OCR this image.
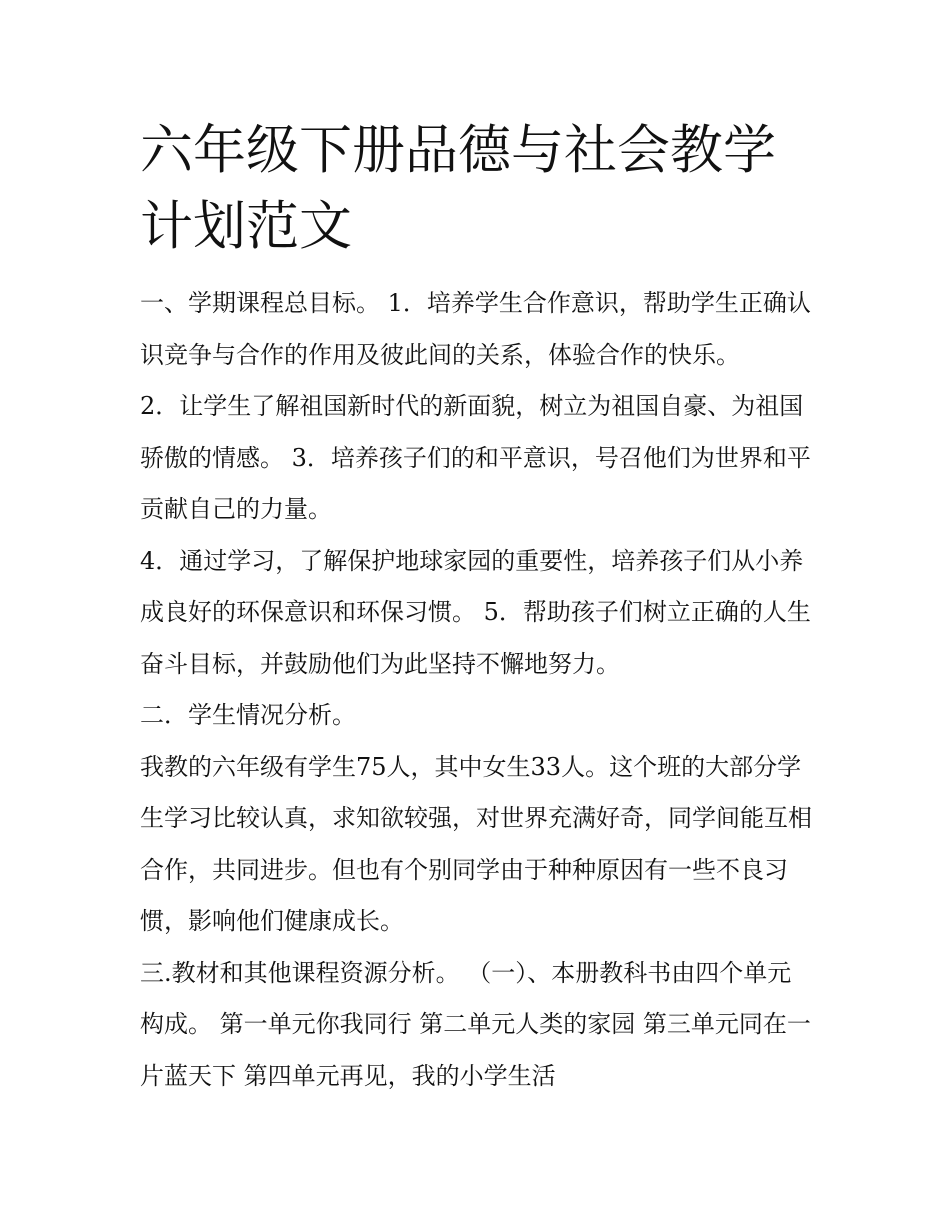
六年级下册品德与社会教学计划范文

一、学期课程总目标。 1．培养学生合作意识，帮助学生正确认识竞争与合作的作用及彼此间的关系，体验合作的快乐。

2．让学生了解祖国新时代的新面貌，树立为祖国自豪、为祖国骄傲的情感。 3．培养孩子们的和平意识，号召他们为世界和平贡献自己的力量。

4．通过学习，了解保护地球家园的重要性，培养孩子们从小养成良好的环保意识和环保习惯。 5．帮助孩子们树立正确的人生奋斗目标，并鼓励他们为此坚持不懈地努力。

二．学生情况分析。

我教的六年级有学生75人，其中女生33人。这个班的大部分学生学习比较认真，求知欲较强，对世界充满好奇，同学间能互相合作，共同进步。但也有个别同学由于种种原因有一些不良习惯，影响他们健康成长。

三.教材和其他课程资源分析。 （一）、本册教科书由四个单元构成。 第一单元你我同行 第二单元人类的家园 第三单元同在一片蓝天下 第四单元再见，我的小学生活
